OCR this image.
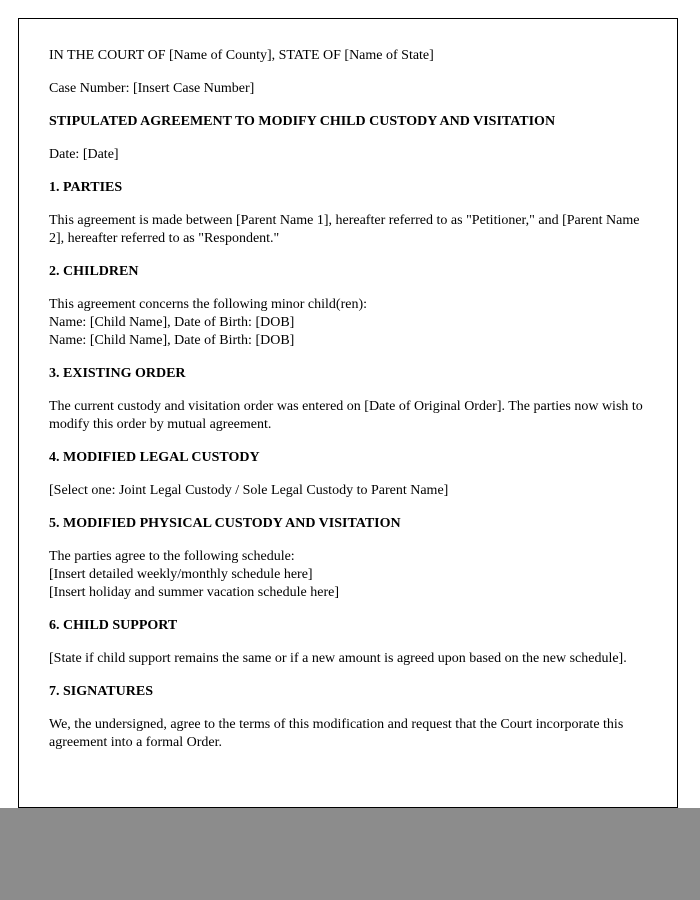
IN THE COURT OF [Name of County], STATE OF [Name of State]

Case Number: [Insert Case Number]

STIPULATED AGREEMENT TO MODIFY CHILD CUSTODY AND VISITATION

Date: [Date]

1. PARTIES

This agreement is made between [Parent Name 1], hereafter referred to as "Petitioner," and [Parent Name 2], hereafter referred to as "Respondent."

2. CHILDREN

This agreement concerns the following minor child(ren):
Name: [Child Name], Date of Birth: [DOB]
Name: [Child Name], Date of Birth: [DOB]

3. EXISTING ORDER

The current custody and visitation order was entered on [Date of Original Order]. The parties now wish to modify this order by mutual agreement.

4. MODIFIED LEGAL CUSTODY

[Select one: Joint Legal Custody / Sole Legal Custody to Parent Name]

5. MODIFIED PHYSICAL CUSTODY AND VISITATION

The parties agree to the following schedule:
[Insert detailed weekly/monthly schedule here]
[Insert holiday and summer vacation schedule here]

6. CHILD SUPPORT

[State if child support remains the same or if a new amount is agreed upon based on the new schedule].

7. SIGNATURES

We, the undersigned, agree to the terms of this modification and request that the Court incorporate this agreement into a formal Order.
